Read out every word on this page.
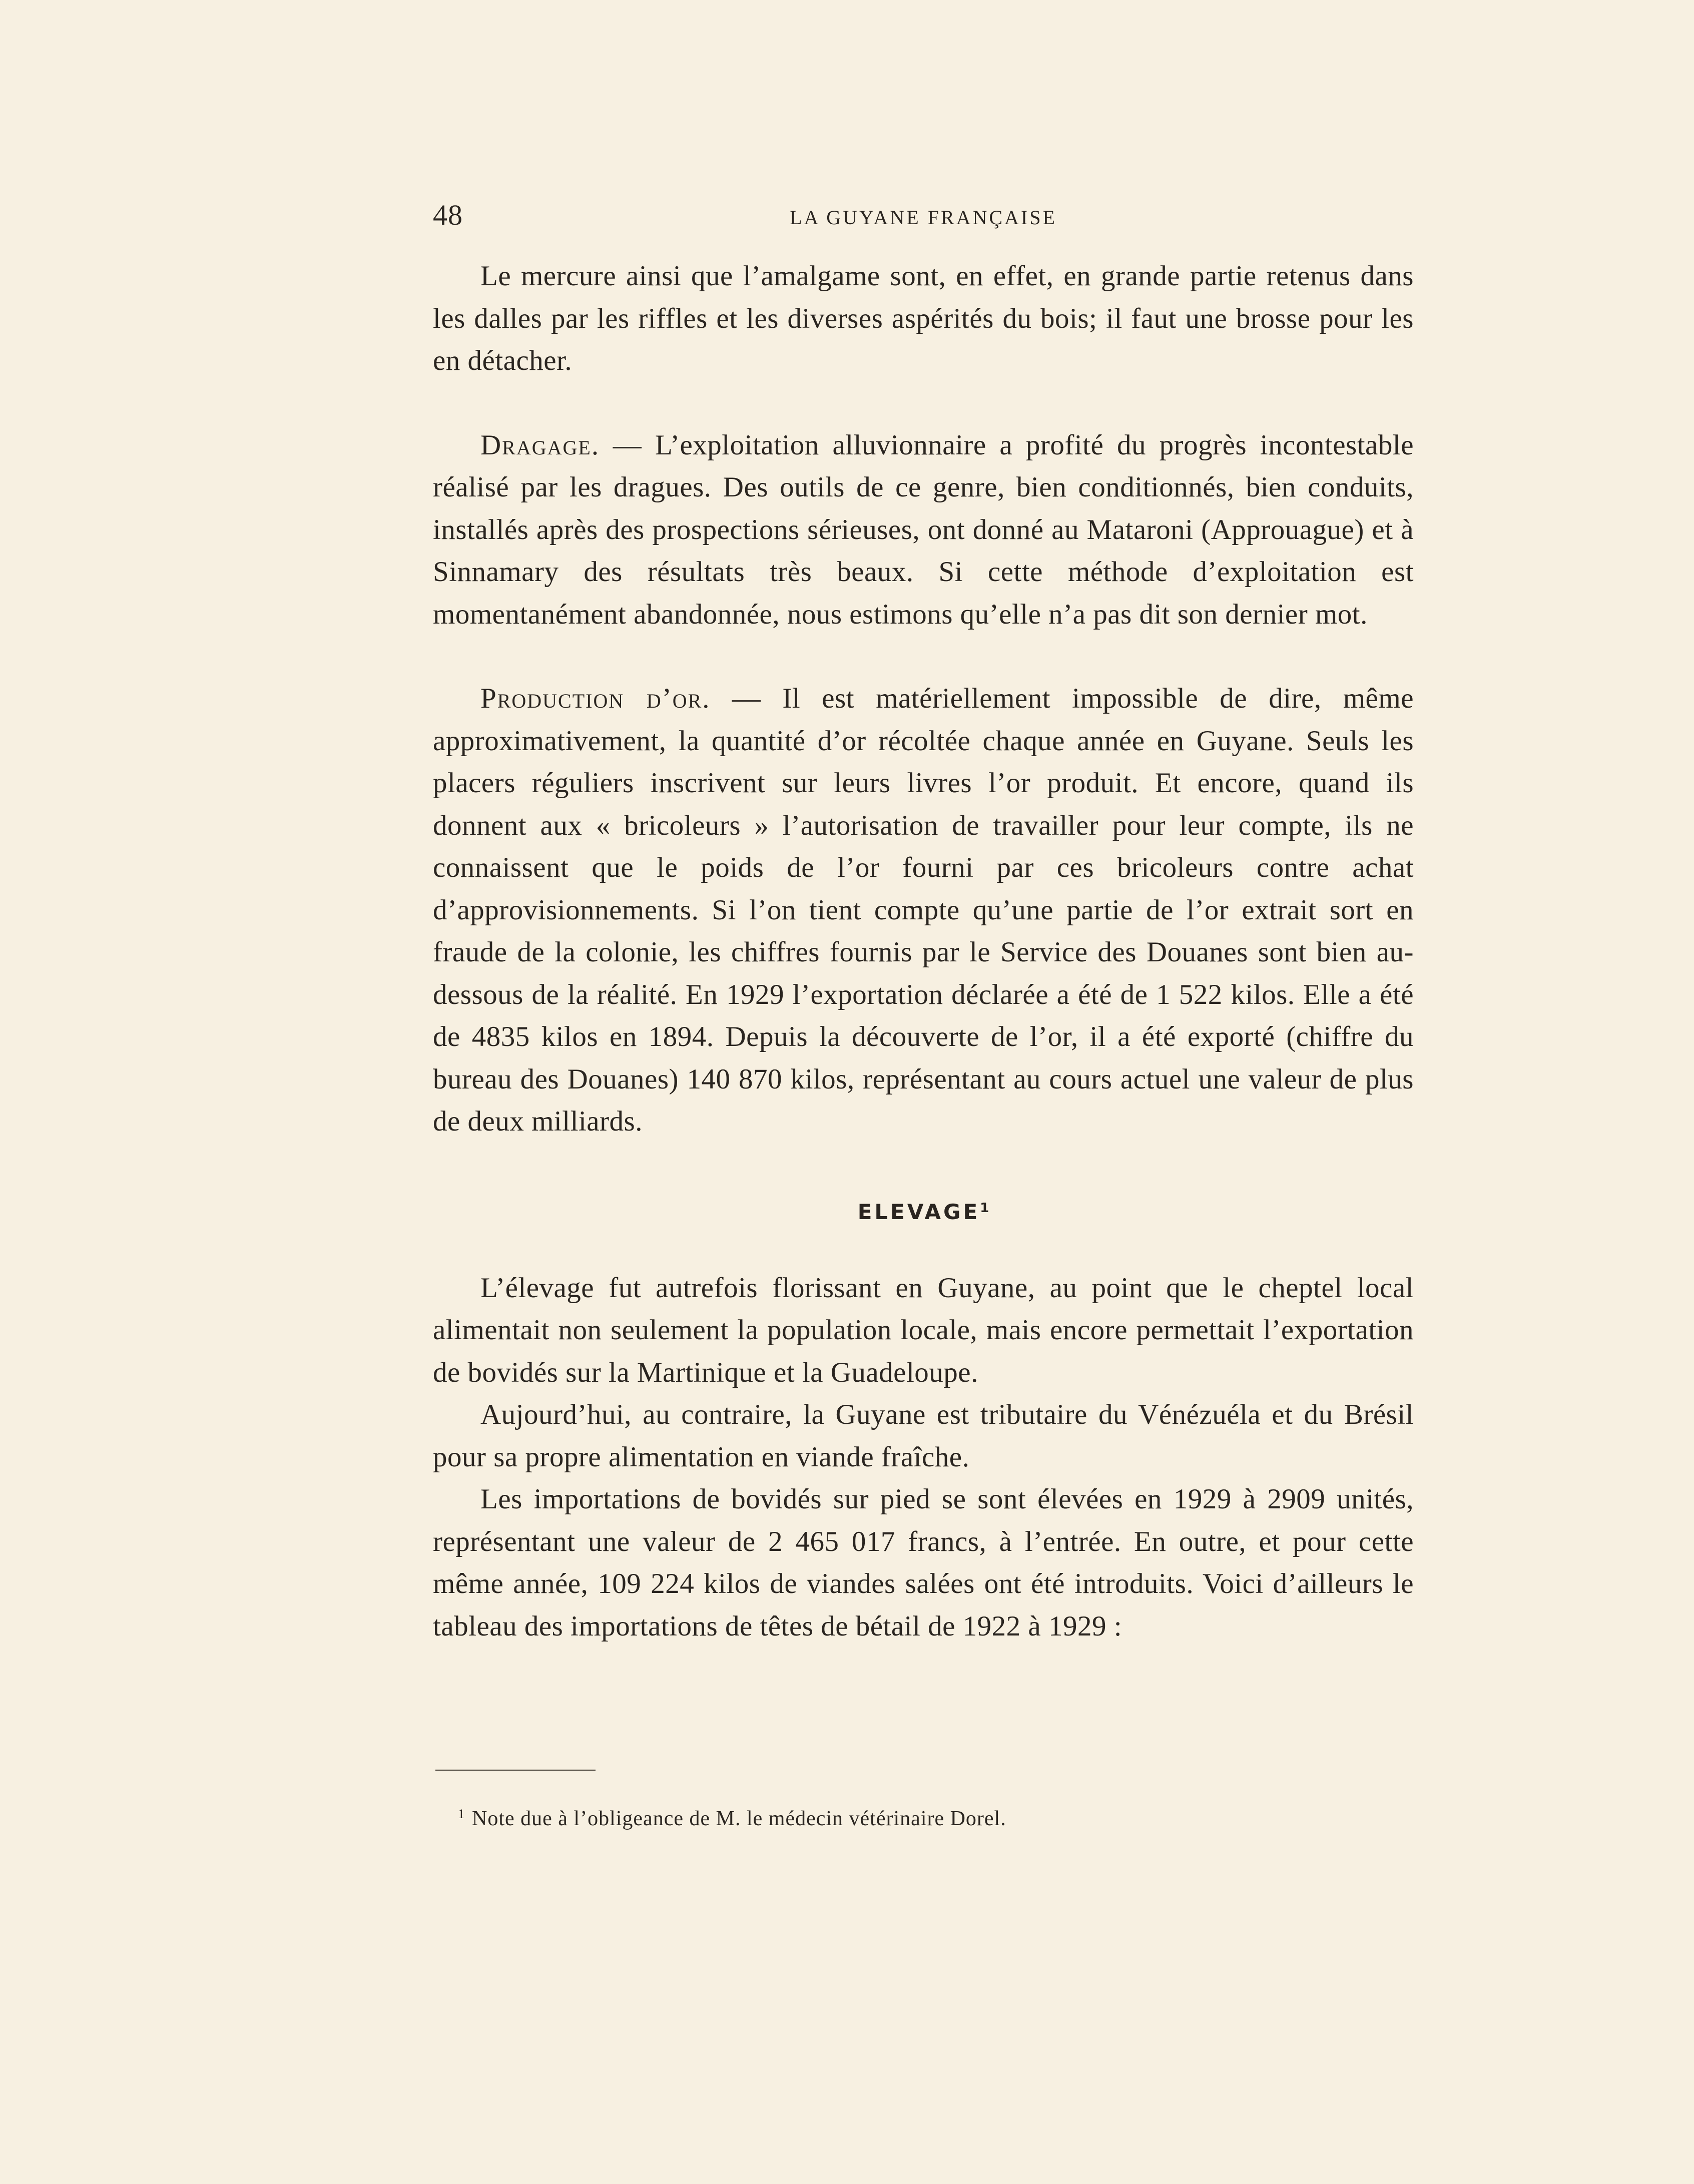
48	LA GUYANE FRANÇAISE

Le mercure ainsi que l’amalgame sont, en effet, en grande partie retenus dans les dalles par les riffles et les diverses aspérités du bois; il faut une brosse pour les en détacher.

Dragage. — L’exploitation alluvionnaire a profité du progrès incontestable réalisé par les dragues. Des outils de ce genre, bien conditionnés, bien conduits, installés après des prospections sérieuses, ont donné au Mataroni (Approuague) et à Sinnamary des résultats très beaux. Si cette méthode d’exploitation est momentanément abandonnée, nous estimons qu’elle n’a pas dit son dernier mot.

Production d’or. — Il est matériellement impossible de dire, même approximativement, la quantité d’or récoltée chaque année en Guyane. Seuls les placers réguliers inscrivent sur leurs livres l’or produit. Et encore, quand ils donnent aux « bricoleurs » l’autorisation de travailler pour leur compte, ils ne connaissent que le poids de l’or fourni par ces bricoleurs contre achat d’approvisionnements. Si l’on tient compte qu’une partie de l’or extrait sort en fraude de la colonie, les chiffres fournis par le Service des Douanes sont bien au-dessous de la réalité. En 1929 l’exportation déclarée a été de 1 522 kilos. Elle a été de 4835 kilos en 1894. Depuis la découverte de l’or, il a été exporté (chiffre du bureau des Douanes) 140 870 kilos, représentant au cours actuel une valeur de plus de deux milliards.

ELEVAGE$^1$

L’élevage fut autrefois florissant en Guyane, au point que le cheptel local alimentait non seulement la population locale, mais encore permettait l’exportation de bovidés sur la Martinique et la Guadeloupe.

Aujourd’hui, au contraire, la Guyane est tributaire du Vénézuéla et du Brésil pour sa propre alimentation en viande fraîche.

Les importations de bovidés sur pied se sont élevées en 1929 à 2909 unités, représentant une valeur de 2 465 017 francs, à l’entrée. En outre, et pour cette même année, 109 224 kilos de viandes salées ont été introduits. Voici d’ailleurs le tableau des importations de têtes de bétail de 1922 à 1929 :

$^1$ Note due à l’obligeance de M. le médecin vétérinaire Dorel.
